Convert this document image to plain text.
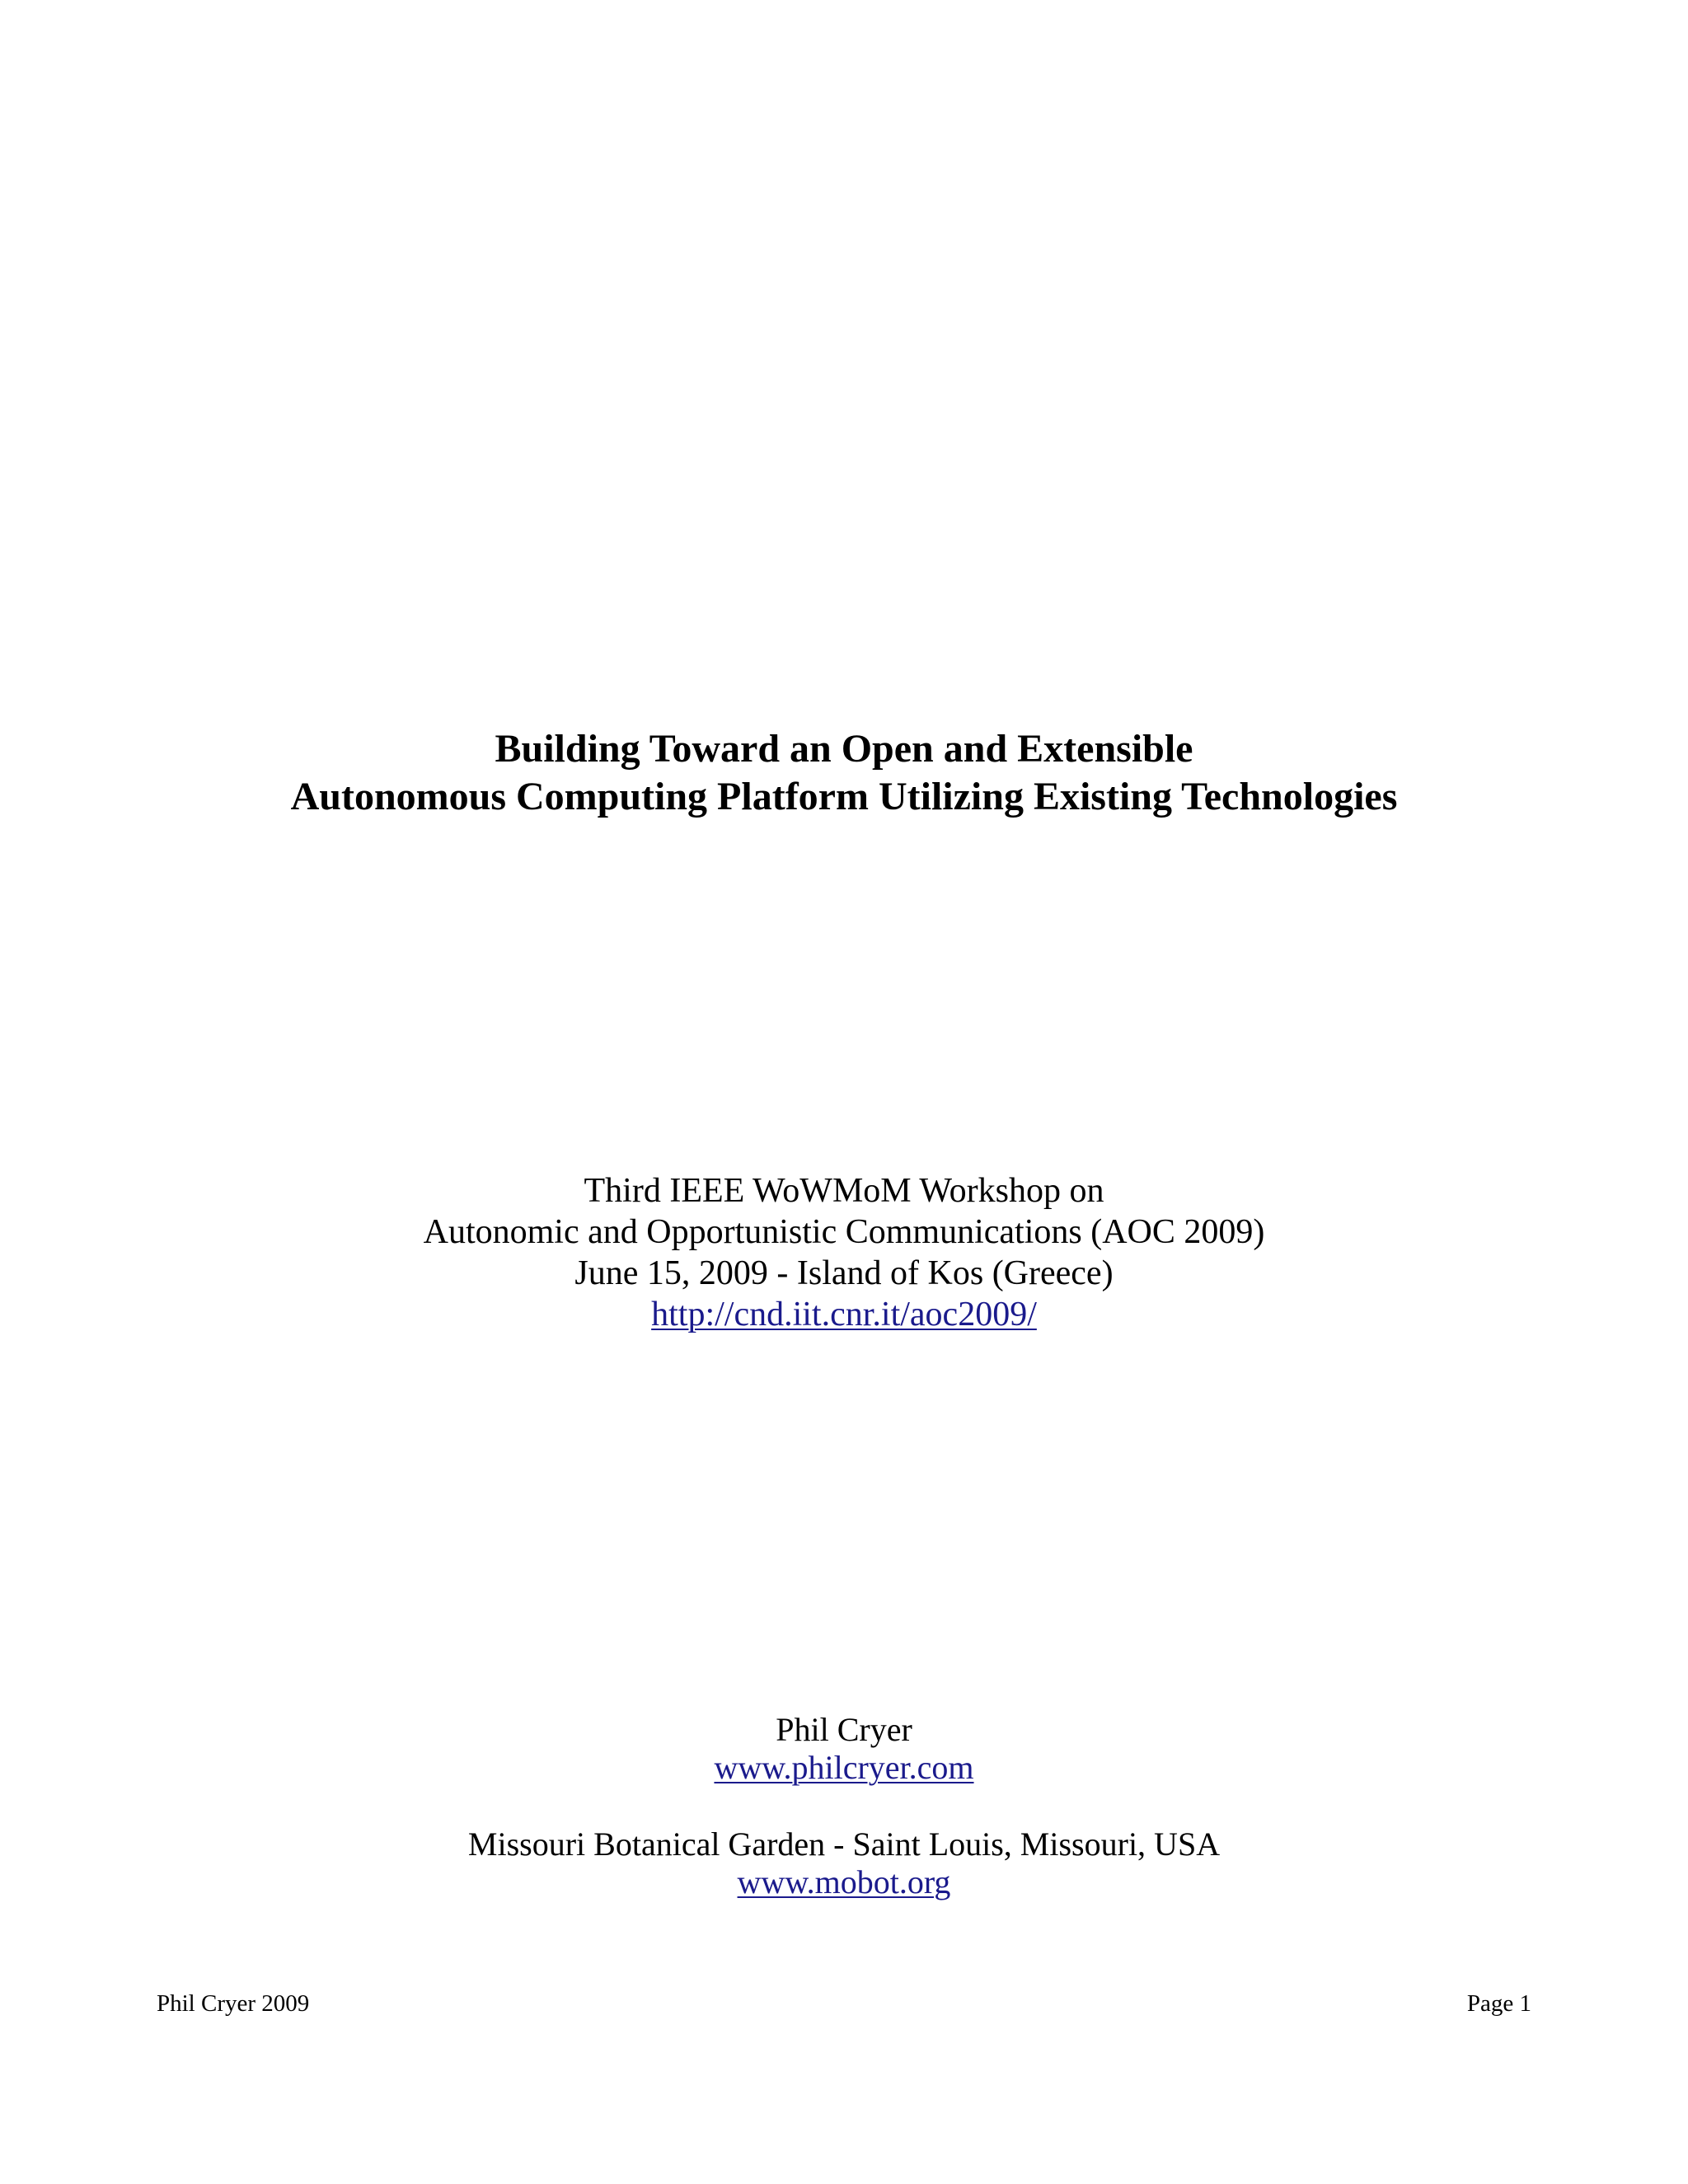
Building Toward an Open and Extensible
Autonomous Computing Platform Utilizing Existing Technologies
Third IEEE WoWMoM Workshop on
Autonomic and Opportunistic Communications (AOC 2009)
June 15, 2009 - Island of Kos (Greece)
http://cnd.iit.cnr.it/aoc2009/
Phil Cryer
www.philcryer.com
Missouri Botanical Garden - Saint Louis, Missouri, USA
www.mobot.org
Phil Cryer 2009	Page 1
